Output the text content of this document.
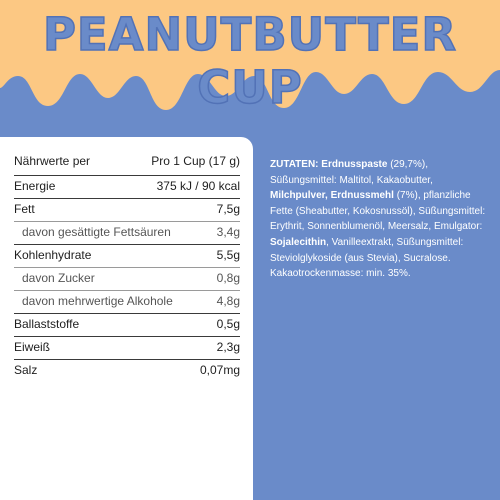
PEANUTBUTTER CUP
Nährwerte per	Pro 1 Cup (17 g)
Energie	375 kJ / 90 kcal
Fett	7,5g
davon gesättigte Fettsäuren	3,4g
Kohlenhydrate	5,5g
davon Zucker	0,8g
davon mehrwertige Alkohole	4,8g
Ballaststoffe	0,5g
Eiweiß	2,3g
Salz	0,07mg
ZUTATEN: Erdnusspaste (29,7%), Süßungsmittel: Maltitol, Kakaobutter, Milchpulver, Erdnussmehl (7%), pflanzliche Fette (Sheabutter, Kokosnussöl), Süßungsmittel: Erythrit, Sonnenblumenöl, Meersalz, Emulgator: Sojalecithin, Vanilleextrakt, Süßungsmittel: Steviolglykoside (aus Stevia), Sucralose. Kakaotrockenmasse: min. 35%.
